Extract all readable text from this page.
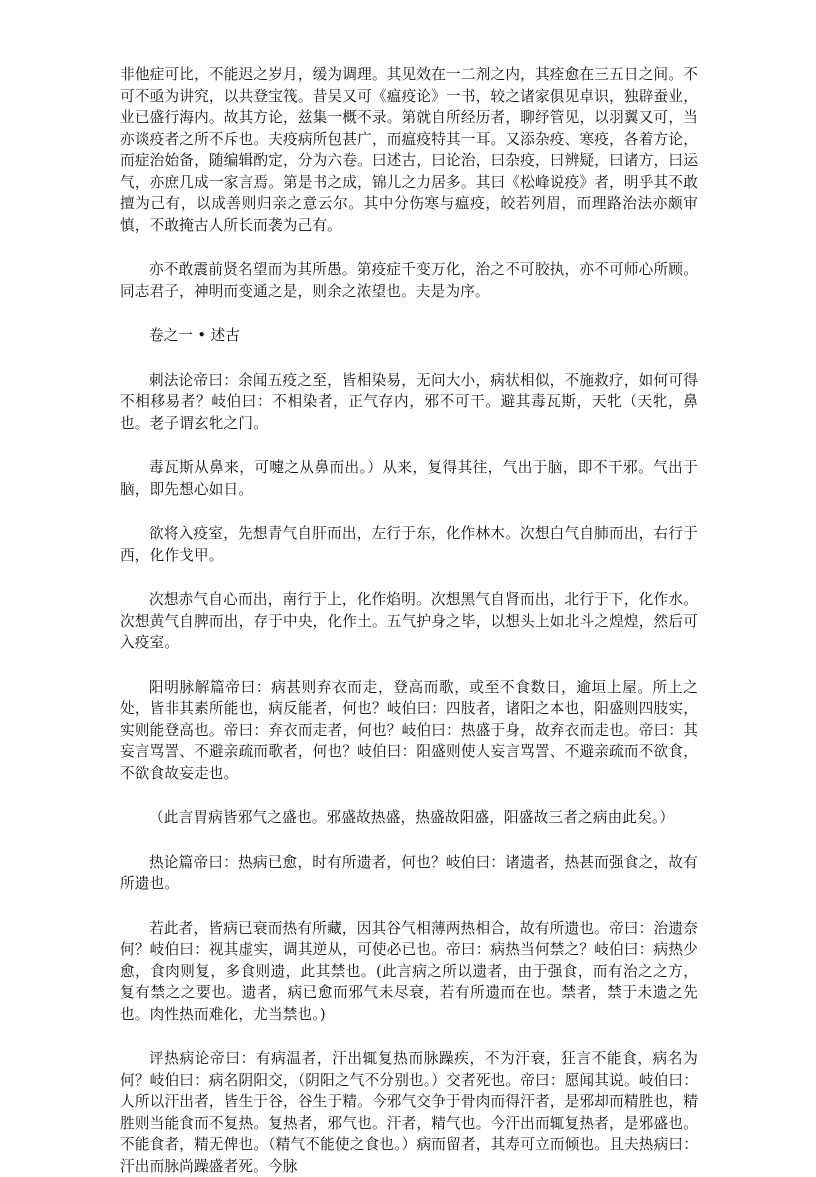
非他症可比，不能迟之岁月，缓为调理。其见效在一二剂之内，其痊愈在三五日之间。不可不亟为讲究，以共登宝筏。昔吴又可《瘟疫论》一书，较之诸家俱见卓识，独辟蚕业，业已盛行海内。故其方论，兹集一概不录。第就自所经历者，聊纾管见，以羽翼又可，当亦谈疫者之所不斥也。夫疫病所包甚广，而瘟疫特其一耳。又添杂疫、寒疫，各着方论，而症治始备，随编辑酌定，分为六卷。曰述古，曰论治，曰杂疫，曰辨疑，曰诸方，曰运气，亦庶几成一家言焉。第是书之成，锦儿之力居多。其曰《松峰说疫》者，明乎其不敢擅为己有，以成善则归亲之意云尔。其中分伤寒与瘟疫，皎若列眉，而理路治法亦颇审慎，不敢掩古人所长而袭为己有。

亦不敢震前贤名望而为其所愚。第疫症千变万化，治之不可胶执，亦不可师心所顾。同志君子，神明而变通之是，则余之浓望也。夫是为序。

卷之一 • 述古

刺法论帝曰：余闻五疫之至，皆相染易，无问大小，病状相似，不施救疗，如何可得不相移易者？岐伯曰：不相染者，正气存内，邪不可干。避其毒瓦斯，天牝（天牝，鼻也。老子谓玄牝之门。

毒瓦斯从鼻来，可嚏之从鼻而出。）从来，复得其往，气出于脑，即不干邪。气出于脑，即先想心如日。

欲将入疫室，先想青气自肝而出，左行于东，化作林木。次想白气自肺而出，右行于西，化作戈甲。

次想赤气自心而出，南行于上，化作焰明。次想黑气自肾而出，北行于下，化作水。次想黄气自脾而出，存于中央，化作土。五气护身之毕，以想头上如北斗之煌煌，然后可入疫室。

阳明脉解篇帝曰：病甚则弃衣而走，登高而歌，或至不食数日，逾垣上屋。所上之处，皆非其素所能也，病反能者，何也？岐伯曰：四肢者，诸阳之本也，阳盛则四肢实，实则能登高也。帝曰：弃衣而走者，何也？岐伯曰：热盛于身，故弃衣而走也。帝曰：其妄言骂詈、不避亲疏而歌者，何也？岐伯曰：阳盛则使人妄言骂詈、不避亲疏而不欲食，不欲食故妄走也。

（此言胃病皆邪气之盛也。邪盛故热盛，热盛故阳盛，阳盛故三者之病由此矣。）

热论篇帝曰：热病已愈，时有所遗者，何也？岐伯曰：诸遗者，热甚而强食之，故有所遗也。

若此者，皆病已衰而热有所藏，因其谷气相薄两热相合，故有所遗也。帝曰：治遗奈何？岐伯曰：视其虚实，调其逆从，可使必已也。帝曰：病热当何禁之？岐伯曰：病热少愈，食肉则复，多食则遗，此其禁也。(此言病之所以遗者，由于强食，而有治之之方，复有禁之之要也。遗者，病已愈而邪气未尽衰，若有所遗而在也。禁者，禁于未遗之先也。肉性热而难化，尤当禁也。)

评热病论帝曰：有病温者，汗出辄复热而脉躁疾，不为汗衰，狂言不能食，病名为何？岐伯曰：病名阴阳交，（阴阳之气不分别也。）交者死也。帝曰：愿闻其说。岐伯曰：人所以汗出者，皆生于谷，谷生于精。今邪气交争于骨肉而得汗者，是邪却而精胜也，精胜则当能食而不复热。复热者，邪气也。汗者，精气也。今汗出而辄复热者，是邪盛也。不能食者，精无俾也。（精气不能使之食也。）病而留者，其寿可立而倾也。且夫热病曰：汗出而脉尚躁盛者死。今脉
